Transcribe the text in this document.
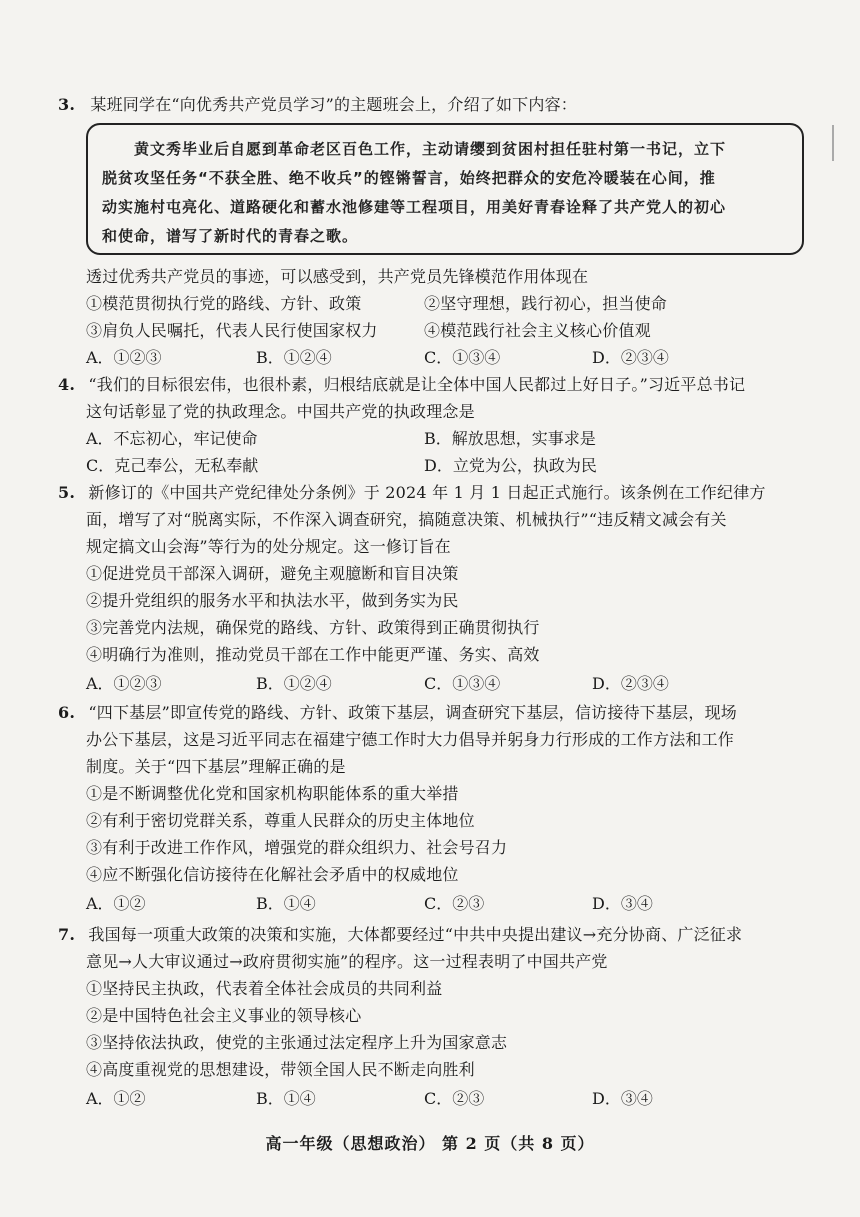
3. 某班同学在“向优秀共产党员学习”的主题班会上，介绍了如下内容：
黄文秀毕业后自愿到革命老区百色工作，主动请缨到贫困村担任驻村第一书记，立下
脱贫攻坚任务“不获全胜、绝不收兵”的铿锵誓言，始终把群众的安危冷暖装在心间，推
动实施村屯亮化、道路硬化和蓄水池修建等工程项目，用美好青春诠释了共产党人的初心
和使命，谱写了新时代的青春之歌。
透过优秀共产党员的事迹，可以感受到，共产党员先锋模范作用体现在
①模范贯彻执行党的路线、方针、政策	②坚守理想，践行初心，担当使命
③肩负人民嘱托，代表人民行使国家权力	④模范践行社会主义核心价值观
A．①②③	B．①②④	C．①③④	D．②③④
4. “我们的目标很宏伟，也很朴素，归根结底就是让全体中国人民都过上好日子。”习近平总书记
这句话彰显了党的执政理念。中国共产党的执政理念是
A．不忘初心，牢记使命	B．解放思想，实事求是
C．克己奉公，无私奉献	D．立党为公，执政为民
5. 新修订的《中国共产党纪律处分条例》于 2024 年 1 月 1 日起正式施行。该条例在工作纪律方
面，增写了对“脱离实际，不作深入调查研究，搞随意决策、机械执行”“违反精文减会有关
规定搞文山会海”等行为的处分规定。这一修订旨在
①促进党员干部深入调研，避免主观臆断和盲目决策
②提升党组织的服务水平和执法水平，做到务实为民
③完善党内法规，确保党的路线、方针、政策得到正确贯彻执行
④明确行为准则，推动党员干部在工作中能更严谨、务实、高效
A．①②③	B．①②④	C．①③④	D．②③④
6. “四下基层”即宣传党的路线、方针、政策下基层，调查研究下基层，信访接待下基层，现场
办公下基层，这是习近平同志在福建宁德工作时大力倡导并躬身力行形成的工作方法和工作
制度。关于“四下基层”理解正确的是
①是不断调整优化党和国家机构职能体系的重大举措
②有利于密切党群关系，尊重人民群众的历史主体地位
③有利于改进工作作风，增强党的群众组织力、社会号召力
④应不断强化信访接待在化解社会矛盾中的权威地位
A．①②	B．①④	C．②③	D．③④
7. 我国每一项重大政策的决策和实施，大体都要经过“中共中央提出建议→充分协商、广泛征求
意见→人大审议通过→政府贯彻实施”的程序。这一过程表明了中国共产党
①坚持民主执政，代表着全体社会成员的共同利益
②是中国特色社会主义事业的领导核心
③坚持依法执政，使党的主张通过法定程序上升为国家意志
④高度重视党的思想建设，带领全国人民不断走向胜利
A．①②	B．①④	C．②③	D．③④
高一年级（思想政治） 第 2 页（共 8 页）
